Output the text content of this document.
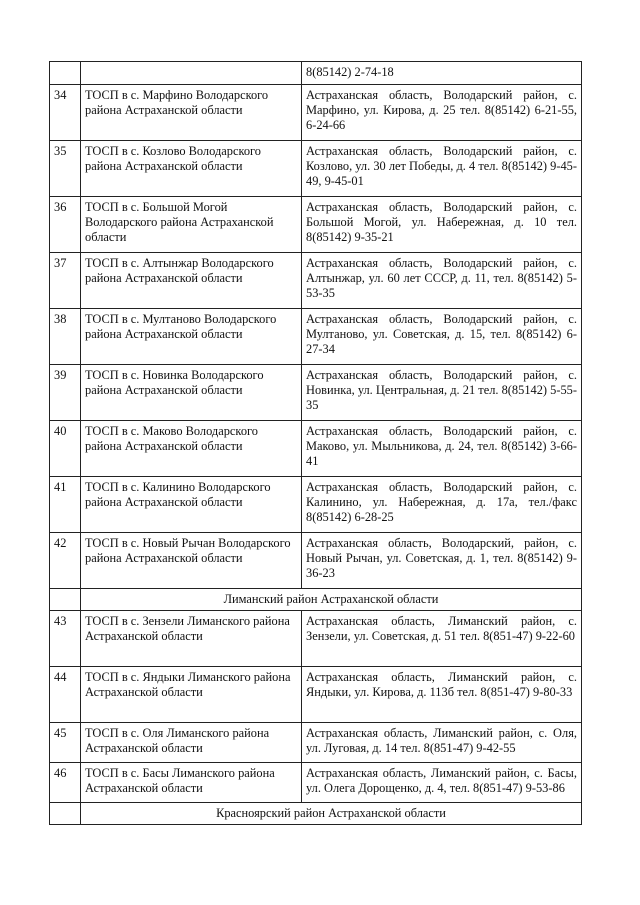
		8(85142) 2-74-18
34	ТОСП в с. Марфино Володарского района Астраханской области	Астраханская область, Володарский район, с. Марфино, ул. Кирова, д. 25 тел. 8(85142) 6-21-55, 6-24-66
35	ТОСП в с. Козлово Володарского района Астраханской области	Астраханская область, Володарский район, с. Козлово, ул. 30 лет Победы, д. 4 тел. 8(85142) 9-45-49, 9-45-01
36	ТОСП в с. Большой Могой Володарского района Астраханской области	Астраханская область, Володарский район, с. Большой Могой, ул. Набережная, д. 10 тел. 8(85142) 9-35-21
37	ТОСП в с. Алтынжар Володарского района Астраханской области	Астраханская область, Володарский район, с. Алтынжар, ул. 60 лет СССР, д. 11, тел. 8(85142) 5-53-35
38	ТОСП в с. Мултаново Володарского района Астраханской области	Астраханская область, Володарский район, с. Мултаново, ул. Советская, д. 15, тел. 8(85142) 6-27-34
39	ТОСП в с. Новинка Володарского района Астраханской области	Астраханская область, Володарский район, с. Новинка, ул. Центральная, д. 21 тел. 8(85142) 5-55-35
40	ТОСП в с. Маково Володарского района Астраханской области	Астраханская область, Володарский район, с. Маково, ул. Мыльникова, д. 24, тел. 8(85142) 3-66-41
41	ТОСП в с. Калинино Володарского района Астраханской области	Астраханская область, Володарский район, с. Калинино, ул. Набережная, д. 17а, тел./факс 8(85142) 6-28-25
42	ТОСП в с. Новый Рычан Володарского района Астраханской области	Астраханская область, Володарский, район, с. Новый Рычан, ул. Советская, д. 1, тел. 8(85142) 9-36-23
	Лиманский район Астраханской области	
43	ТОСП в с. Зензели Лиманского района Астраханской области	Астраханская область, Лиманский район, с. Зензели, ул. Советская, д. 51 тел. 8(851-47) 9-22-60
44	ТОСП в с. Яндыки Лиманского района Астраханской области	Астраханская область, Лиманский район, с. Яндыки, ул. Кирова, д. 113б тел. 8(851-47) 9-80-33
45	ТОСП в с. Оля Лиманского района Астраханской области	Астраханская область, Лиманский район, с. Оля, ул. Луговая, д. 14 тел. 8(851-47) 9-42-55
46	ТОСП в с. Басы Лиманского района Астраханской области	Астраханская область, Лиманский район, с. Басы, ул. Олега Дорощенко, д. 4, тел. 8(851-47) 9-53-86
	Красноярский район Астраханской области	
